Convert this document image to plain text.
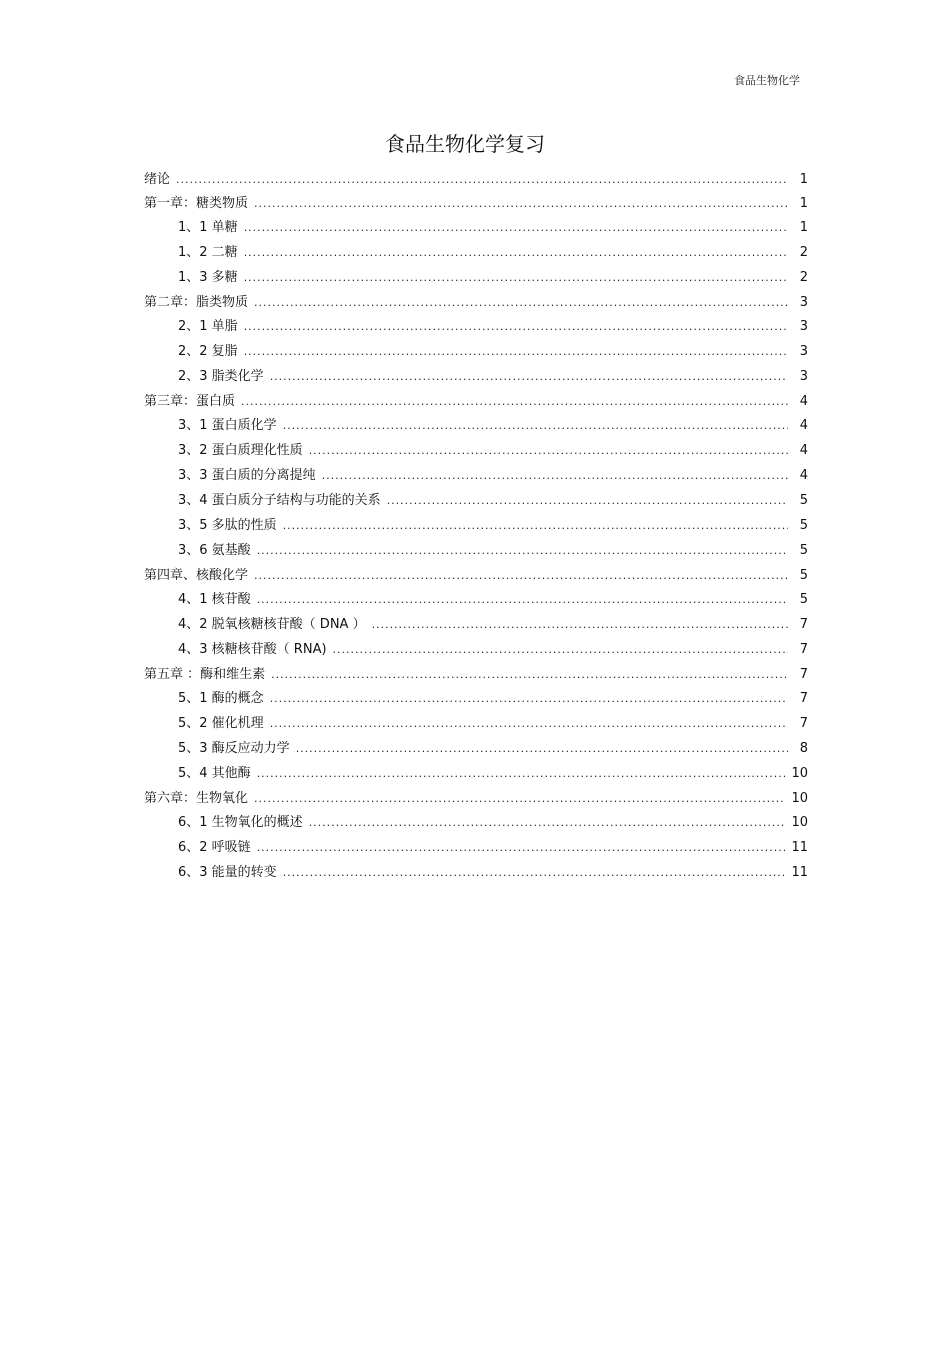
食品生物化学
食品生物化学复习
绪论 .....	1
第一章：糖类物质 .....	1
1、1 单糖 .....	1
1、2 二糖 .....	2
1、3 多糖 .....	2
第二章：脂类物质 .....	3
2、1 单脂 .....	3
2、2 复脂 .....	3
2、3 脂类化学 .....	3
第三章：蛋白质 .....	4
3、1 蛋白质化学 .....	4
3、2 蛋白质理化性质 .....	4
3、3 蛋白质的分离提纯 .....	4
3、4 蛋白质分子结构与功能的关系 .....	5
3、5 多肽的性质 .....	5
3、6 氨基酸 .....	5
第四章、核酸化学 .....	5
4、1 核苷酸 .....	5
4、2 脱氧核糖核苷酸（ DNA ） .....	7
4、3 核糖核苷酸（ RNA) .....	7
第五章 ：酶和维生素 .....	7
5、1 酶的概念 .....	7
5、2 催化机理 .....	7
5、3 酶反应动力学 .....	8
5、4 其他酶 .....	10
第六章：生物氧化 .....	10
6、1 生物氧化的概述 .....	10
6、2 呼吸链 .....	11
6、3 能量的转变 .....	11
